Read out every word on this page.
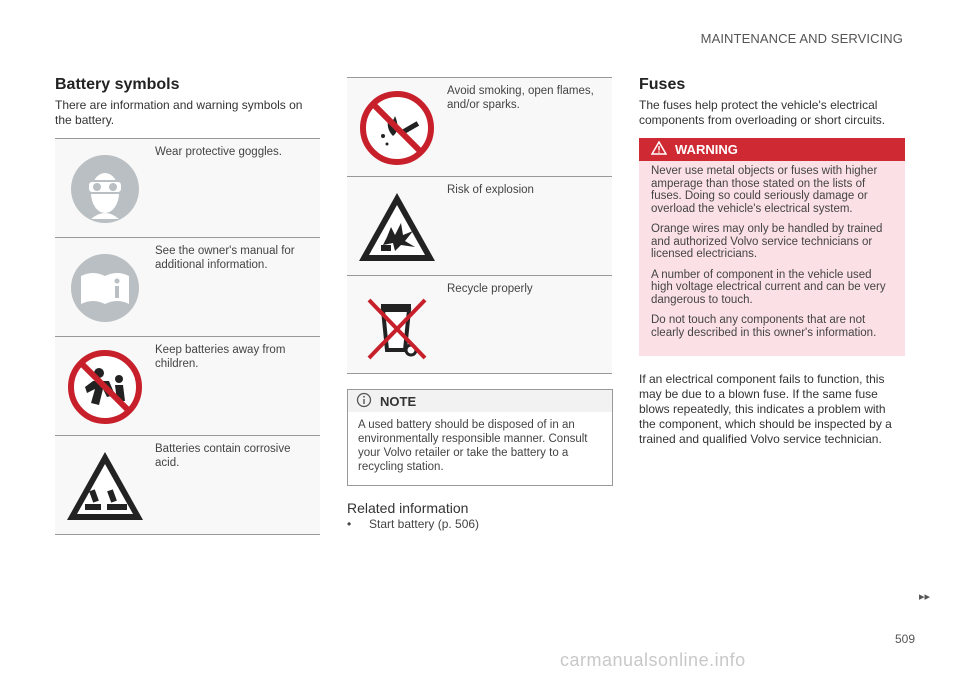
MAINTENANCE AND SERVICING
Battery symbols
There are information and warning symbols on the battery.
Wear protective goggles.
See the owner's manual for additional information.
Keep batteries away from children.
Batteries contain corrosive acid.
Avoid smoking, open flames, and/or sparks.
Risk of explosion
Recycle properly
NOTE
A used battery should be disposed of in an environmentally responsible manner. Consult your Volvo retailer or take the battery to a recycling station.
Related information
• Start battery (p. 506)
Fuses
The fuses help protect the vehicle's electrical components from overloading or short circuits.
WARNING

Never use metal objects or fuses with higher amperage than those stated on the lists of fuses. Doing so could seriously damage or overload the vehicle's electrical system.

Orange wires may only be handled by trained and authorized Volvo service technicians or licensed electricians.

A number of component in the vehicle used high voltage electrical current and can be very dangerous to touch.

Do not touch any components that are not clearly described in this owner's information.

If an electrical component fails to function, this may be due to a blown fuse. If the same fuse blows repeatedly, this indicates a problem with the component, which should be inspected by a trained and qualified Volvo service technician.
▸▸
509
carmanualsonline.info
